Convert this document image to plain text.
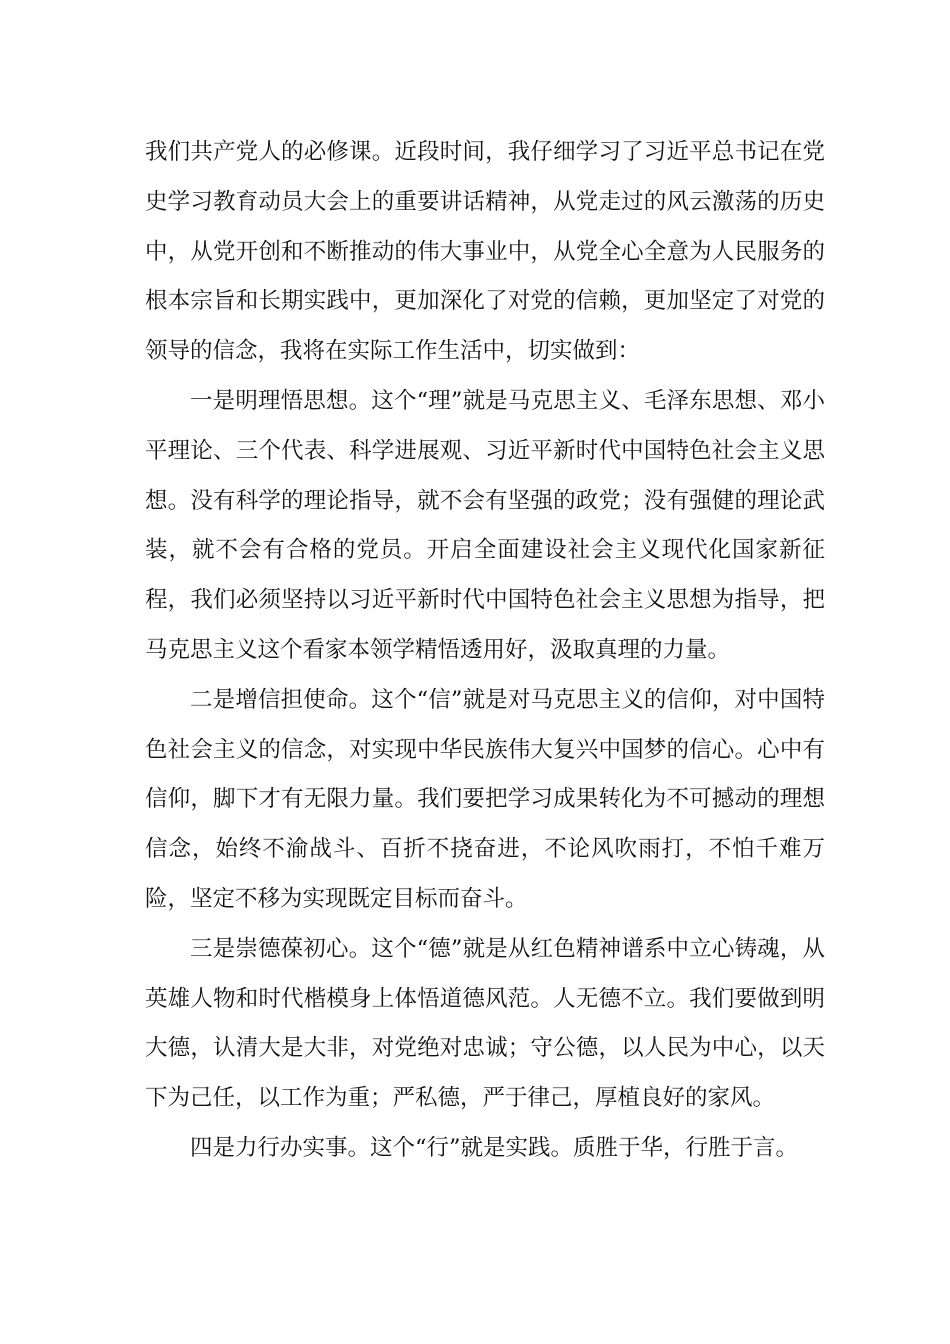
我们共产党人的必修课。近段时间，我仔细学习了习近平总书记在党史学习教育动员大会上的重要讲话精神，从党走过的风云激荡的历史中，从党开创和不断推动的伟大事业中，从党全心全意为人民服务的根本宗旨和长期实践中，更加深化了对党的信赖，更加坚定了对党的领导的信念，我将在实际工作生活中，切实做到：

一是明理悟思想。这个“理”就是马克思主义、毛泽东思想、邓小平理论、三个代表、科学进展观、习近平新时代中国特色社会主义思想。没有科学的理论指导，就不会有坚强的政党；没有强健的理论武装，就不会有合格的党员。开启全面建设社会主义现代化国家新征程，我们必须坚持以习近平新时代中国特色社会主义思想为指导，把马克思主义这个看家本领学精悟透用好，汲取真理的力量。

二是增信担使命。这个“信”就是对马克思主义的信仰，对中国特色社会主义的信念，对实现中华民族伟大复兴中国梦的信心。心中有信仰，脚下才有无限力量。我们要把学习成果转化为不可撼动的理想信念，始终不渝战斗、百折不挠奋进，不论风吹雨打，不怕千难万险，坚定不移为实现既定目标而奋斗。

三是崇德葆初心。这个“德”就是从红色精神谱系中立心铸魂，从英雄人物和时代楷模身上体悟道德风范。人无德不立。我们要做到明大德，认清大是大非，对党绝对忠诚；守公德，以人民为中心，以天下为己任，以工作为重；严私德，严于律己，厚植良好的家风。

四是力行办实事。这个“行”就是实践。质胜于华，行胜于言。
